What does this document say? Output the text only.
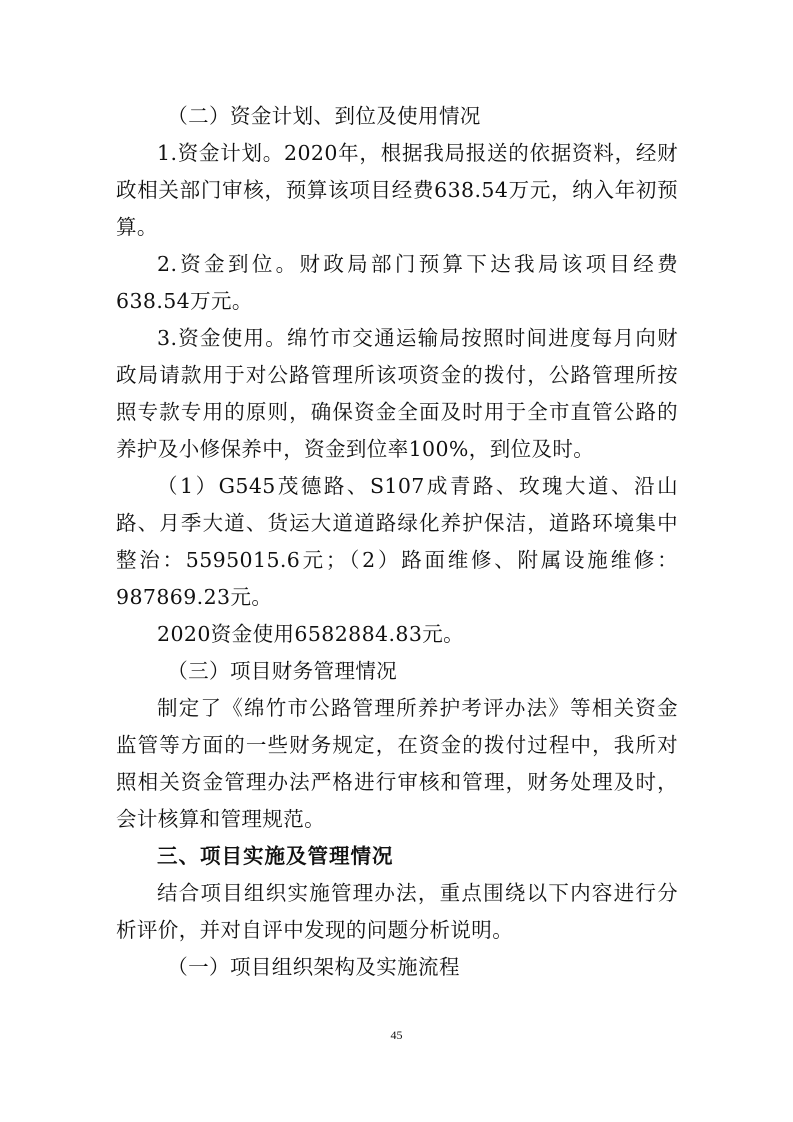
（二）资金计划、到位及使用情况

1.资金计划。2020年，根据我局报送的依据资料，经财政相关部门审核，预算该项目经费638.54万元，纳入年初预算。

2.资金到位。财政局部门预算下达我局该项目经费638.54万元。

3.资金使用。绵竹市交通运输局按照时间进度每月向财政局请款用于对公路管理所该项资金的拨付，公路管理所按照专款专用的原则，确保资金全面及时用于全市直管公路的养护及小修保养中，资金到位率100%，到位及时。

（1）G545茂德路、S107成青路、玫瑰大道、沿山路、月季大道、货运大道道路绿化养护保洁，道路环境集中整治：5595015.6元；（2）路面维修、附属设施维修：987869.23元。

2020资金使用6582884.83元。

（三）项目财务管理情况

制定了《绵竹市公路管理所养护考评办法》等相关资金监管等方面的一些财务规定，在资金的拨付过程中，我所对照相关资金管理办法严格进行审核和管理，财务处理及时，会计核算和管理规范。

三、项目实施及管理情况

结合项目组织实施管理办法，重点围绕以下内容进行分析评价，并对自评中发现的问题分析说明。

（一）项目组织架构及实施流程

45
